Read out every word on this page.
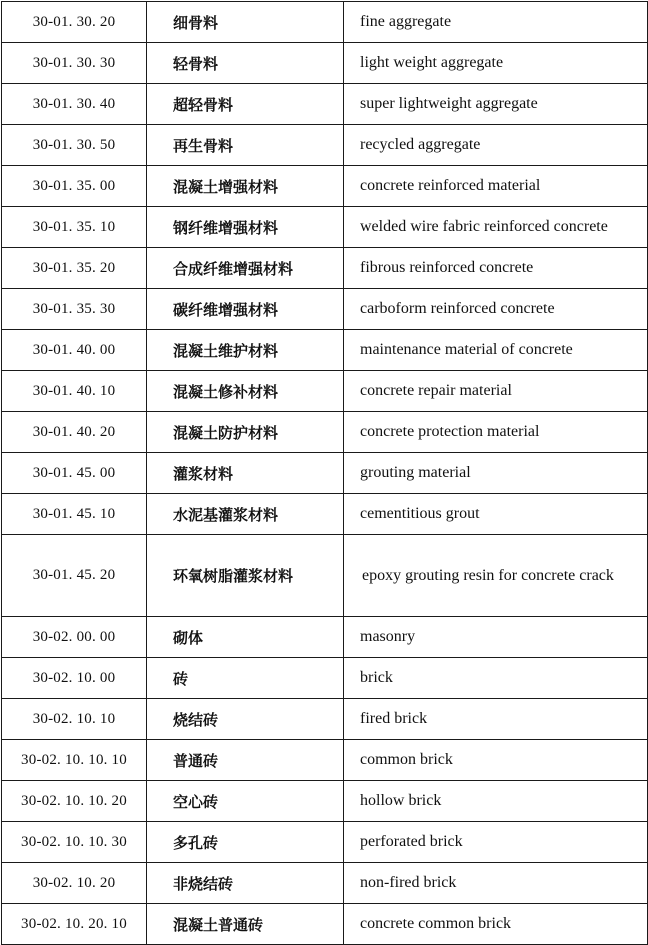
30-01. 30. 20	细骨料	fine aggregate
30-01. 30. 30	轻骨料	light weight aggregate
30-01. 30. 40	超轻骨料	super lightweight aggregate
30-01. 30. 50	再生骨料	recycled aggregate
30-01. 35. 00	混凝土增强材料	concrete reinforced material
30-01. 35. 10	钢纤维增强材料	welded wire fabric reinforced concrete
30-01. 35. 20	合成纤维增强材料	fibrous reinforced concrete
30-01. 35. 30	碳纤维增强材料	carboform reinforced concrete
30-01. 40. 00	混凝土维护材料	maintenance material of concrete
30-01. 40. 10	混凝土修补材料	concrete repair material
30-01. 40. 20	混凝土防护材料	concrete protection material
30-01. 45. 00	灌浆材料	grouting material
30-01. 45. 10	水泥基灌浆材料	cementitious grout
30-01. 45. 20	环氧树脂灌浆材料	epoxy grouting resin for concrete crack
30-02. 00. 00	砌体	masonry
30-02. 10. 00	砖	brick
30-02. 10. 10	烧结砖	fired brick
30-02. 10. 10. 10	普通砖	common brick
30-02. 10. 10. 20	空心砖	hollow brick
30-02. 10. 10. 30	多孔砖	perforated brick
30-02. 10. 20	非烧结砖	non-fired brick
30-02. 10. 20. 10	混凝土普通砖	concrete common brick
